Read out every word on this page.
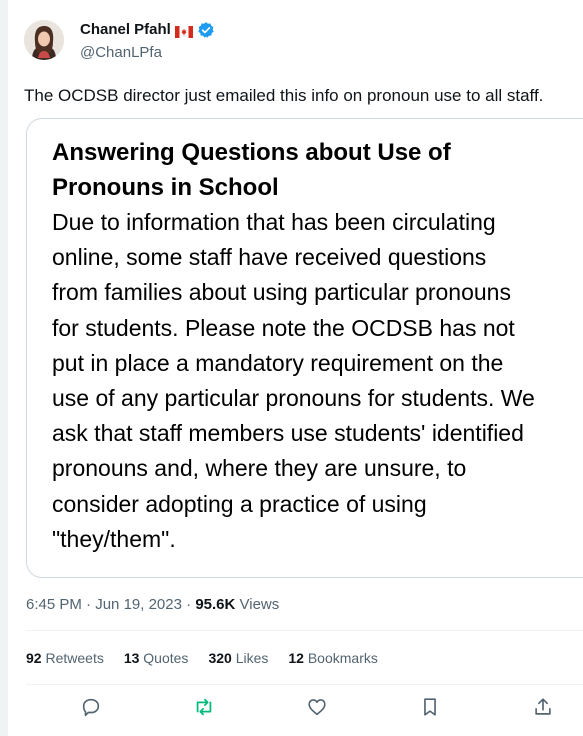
Chanel Pfahl
@ChanLPfa
The OCDSB director just emailed this info on pronoun use to all staff.
Answering Questions about Use of
Pronouns in School
Due to information that has been circulating
online, some staff have received questions
from families about using particular pronouns
for students. Please note the OCDSB has not
put in place a mandatory requirement on the
use of any particular pronouns for students. We
ask that staff members use students' identified
pronouns and, where they are unsure, to
consider adopting a practice of using
"they/them".
6:45 PM · Jun 19, 2023 · 95.6K Views
92 Retweets 13 Quotes 320 Likes 12 Bookmarks
